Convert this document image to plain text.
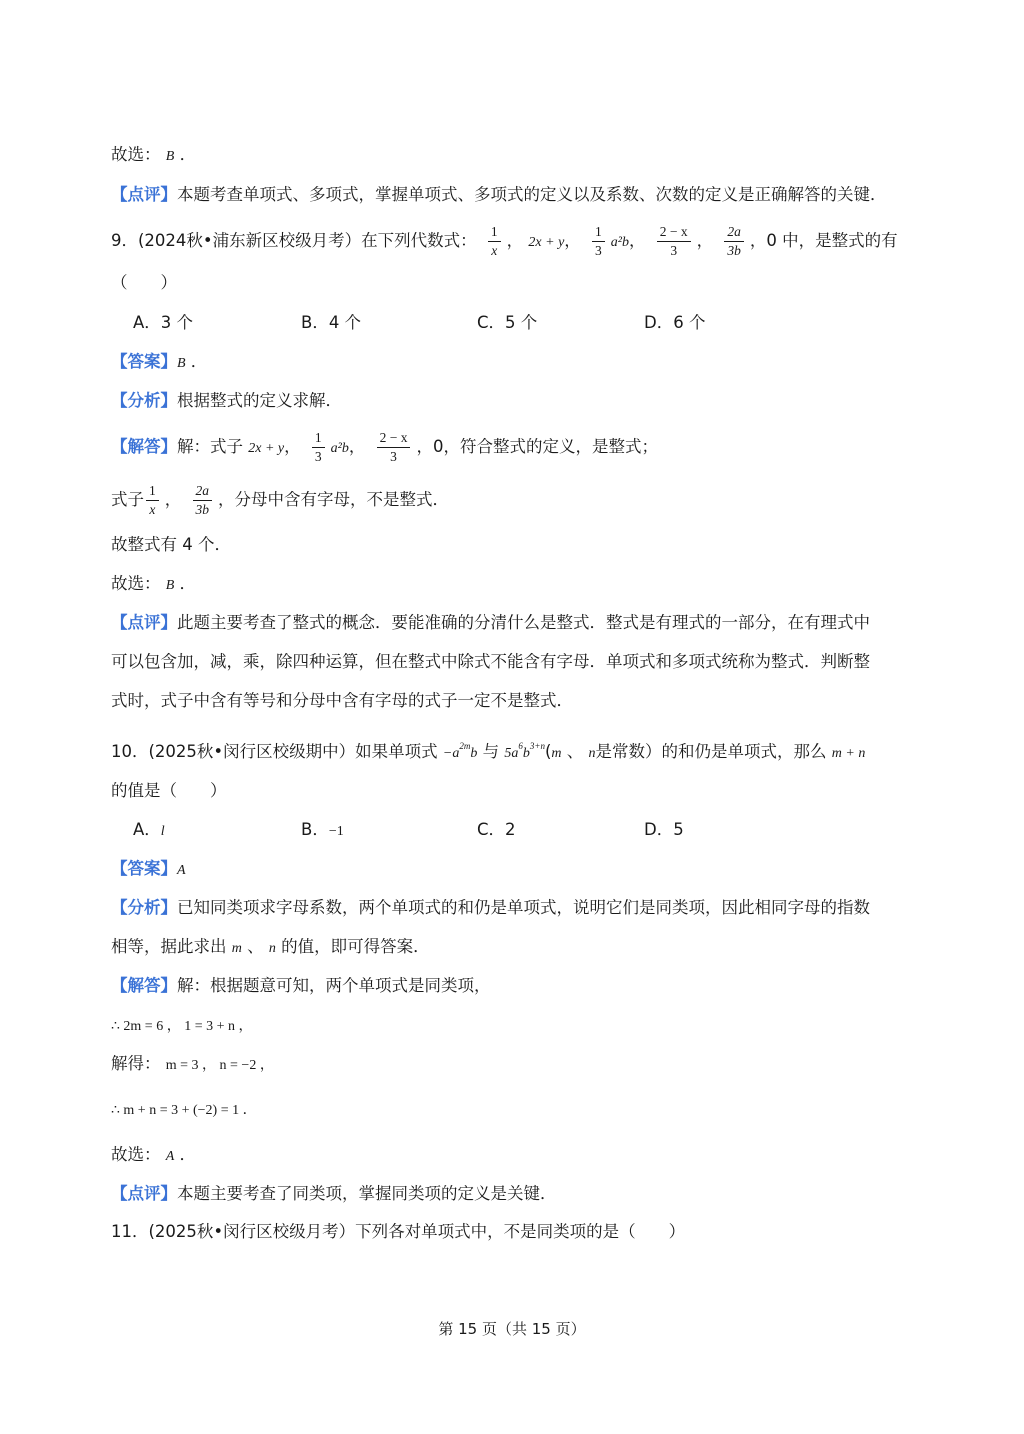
故选： B ．
【点评】本题考查单项式、多项式，掌握单项式、多项式的定义以及系数、次数的定义是正确解答的关键．
9．(2024秋•浦东新区校级月考）在下列代数式： $\frac{1}{x}$ ， 2x + y， $\frac{1}{3} a^2b$， $\frac{2 - x}{3}$ ， $\frac{2a}{3b}$ ，0 中，是整式的有
（　　）
A．3 个	B．4 个	C．5 个	D．6 个
【答案】B ．
【分析】根据整式的定义求解．
【解答】解：式子 2x + y， $\frac{1}{3} a^2b$， $\frac{2 - x}{3}$ ，0，符合整式的定义，是整式；
式子 $\frac{1}{x}$ ， $\frac{2a}{3b}$ ，分母中含有字母，不是整式．
故整式有 4 个．
故选： B ．
【点评】此题主要考查了整式的概念．要能准确的分清什么是整式．整式是有理式的一部分，在有理式中
可以包含加，减，乘，除四种运算，但在整式中除式不能含有字母．单项式和多项式统称为整式．判断整
式时，式子中含有等号和分母中含有字母的式子一定不是整式．
10．(2025秋•闵行区校级期中）如果单项式 $-a^{2m}b$ 与 $5a^6b^{3+n}(m$ 、 n是常数）的和仍是单项式，那么 m + n
的值是（　　）
A．l	B．−1	C．2	D．5
【答案】A
【分析】已知同类项求字母系数，两个单项式的和仍是单项式，说明它们是同类项，因此相同字母的指数
相等，据此求出 m 、 n 的值，即可得答案．
【解答】解：根据题意可知，两个单项式是同类项，
∴ 2m = 6 ， 1 = 3 + n ，
解得： m = 3 ， n = −2 ，
∴ m + n = 3 + (−2) = 1 ．
故选： A ．
【点评】本题主要考查了同类项，掌握同类项的定义是关键．
11．(2025秋•闵行区校级月考）下列各对单项式中，不是同类项的是（　　）
第 15 页（共 15 页）
